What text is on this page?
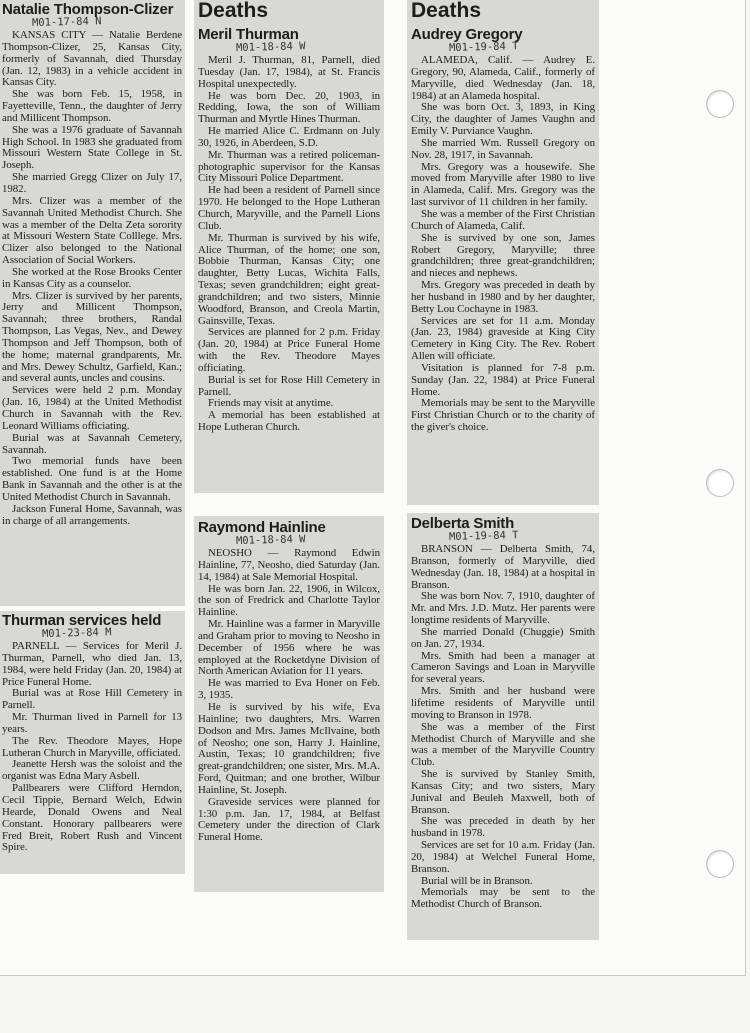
Natalie Thompson-Clizer
M01-17-84 N

KANSAS CITY — Natalie Berdene Thompson-Clizer, 25, Kansas City, formerly of Savannah, died Thursday (Jan. 12, 1983) in a vehicle accident in Kansas City.

She was born Feb. 15, 1958, in Fayetteville, Tenn., the daughter of Jerry and Millicent Thompson.

She was a 1976 graduate of Savannah High School. In 1983 she graduated from Missouri Western State College in St. Joseph.

She married Gregg Clizer on July 17, 1982.

Mrs. Clizer was a member of the Savannah United Methodist Church. She was a member of the Delta Zeta sorority at Missouri Western State Colllege. Mrs. Clizer also belonged to the National Association of Social Workers.

She worked at the Rose Brooks Center in Kansas City as a counselor.

Mrs. Clizer is survived by her parents, Jerry and Millicent Thompson, Savannah; three brothers, Randal Thompson, Las Vegas, Nev., and Dewey Thompson and Jeff Thompson, both of the home; maternal grandparents, Mr. and Mrs. Dewey Schultz, Garfield, Kan.; and several aunts, uncles and cousins.

Services were held 2 p.m. Monday (Jan. 16, 1984) at the United Methodist Church in Savannah with the Rev. Leonard Williams officiating.

Burial was at Savannah Cemetery, Savannah.

Two memorial funds have been established. One fund is at the Home Bank in Savannah and the other is at the United Methodist Church in Savannah.

Jackson Funeral Home, Savannah, was in charge of all arrangements.

Thurman services held
M01-23-84 M

PARNELL — Services for Meril J. Thurman, Parnell, who died Jan. 13, 1984, were held Friday (Jan. 20, 1984) at Price Funeral Home.

Burial was at Rose Hill Cemetery in Parnell.

Mr. Thurman lived in Parnell for 13 years.

The Rev. Theodore Mayes, Hope Lutheran Church in Maryville, officiated.

Jeanette Hersh was the soloist and the organist was Edna Mary Asbell.

Pallbearers were Clifford Herndon, Cecil Tippie, Bernard Welch, Edwin Hearde, Donald Owens and Neal Constant. Honorary pallbearers were Fred Breit, Robert Rush and Vincent Spire.

Deaths
Meril Thurman
M01-18-84 W

Meril J. Thurman, 81, Parnell, died Tuesday (Jan. 17, 1984), at St. Francis Hospital unexpectedly.

He was born Dec. 20, 1903, in Redding, Iowa, the son of William Thurman and Myrtle Hines Thurman.

He married Alice C. Erdmann on July 30, 1926, in Aberdeen, S.D.

Mr. Thurman was a retired policeman-photographic supervisor for the Kansas City Missouri Police Department.

He had been a resident of Parnell since 1970. He belonged to the Hope Lutheran Church, Maryville, and the Parnell Lions Club.

Mr. Thurman is survived by his wife, Alice Thurman, of the home; one son, Bobbie Thurman, Kansas City; one daughter, Betty Lucas, Wichita Falls, Texas; seven grandchildren; eight great-grandchildren; and two sisters, Minnie Woodford, Branson, and Creola Martin, Gainsville, Texas.

Services are planned for 2 p.m. Friday (Jan. 20, 1984) at Price Funeral Home with the Rev. Theodore Mayes officiating.

Burial is set for Rose Hill Cemetery in Parnell.

Friends may visit at anytime.

A memorial has been established at Hope Lutheran Church.

Raymond Hainline
M01-18-84 W

NEOSHO — Raymond Edwin Hainline, 77, Neosho, died Saturday (Jan. 14, 1984) at Sale Memorial Hospital.

He was born Jan. 22, 1906, in Wilcox, the son of Fredrick and Charlotte Taylor Hainline.

Mr. Hainline was a farmer in Maryville and Graham prior to moving to Neosho in December of 1956 where he was employed at the Rocketdyne Division of North American Aviation for 11 years.

He was married to Eva Honer on Feb. 3, 1935.

He is survived by his wife, Eva Hainline; two daughters, Mrs. Warren Dodson and Mrs. James McIlvaine, both of Neosho; one son, Harry J. Hainline, Austin, Texas; 10 grandchildren; five great-grandchildren; one sister, Mrs. M.A. Ford, Quitman; and one brother, Wilbur Hainline, St. Joseph.

Graveside services were planned for 1:30 p.m. Jan. 17, 1984, at Belfast Cemetery under the direction of Clark Funeral Home.

Deaths
Audrey Gregory
M01-19-84 T

ALAMEDA, Calif. — Audrey E. Gregory, 90, Alameda, Calif., formerly of Maryville, died Wednesday (Jan. 18, 1984) at an Alameda hospital.

She was born Oct. 3, 1893, in King City, the daughter of James Vaughn and Emily V. Purviance Vaughn.

She married Wm. Russell Gregory on Nov. 28, 1917, in Savannah.

Mrs. Gregory was a housewife. She moved from Maryville after 1980 to live in Alameda, Calif. Mrs. Gregory was the last survivor of 11 children in her family.

She was a member of the First Christian Church of Alameda, Calif.

She is survived by one son, James Robert Gregory, Maryville; three grandchildren; three great-grandchildren; and nieces and nephews.

Mrs. Gregory was preceded in death by her husband in 1980 and by her daughter, Betty Lou Cochayne in 1983.

Services are set for 11 a.m. Monday (Jan. 23, 1984) graveside at King City Cemetery in King City. The Rev. Robert Allen will officiate.

Visitation is planned for 7-8 p.m. Sunday (Jan. 22, 1984) at Price Funeral Home.

Memorials may be sent to the Maryville First Christian Church or to the charity of the giver's choice.

Delberta Smith
M01-19-84 T

BRANSON — Delberta Smith, 74, Branson, formerly of Maryville, died Wednesday (Jan. 18, 1984) at a hospital in Branson.

She was born Nov. 7, 1910, daughter of Mr. and Mrs. J.D. Mutz. Her parents were longtime residents of Maryville.

She married Donald (Chuggie) Smith on Jan. 27, 1934.

Mrs. Smith had been a manager at Cameron Savings and Loan in Maryville for several years.

Mrs. Smith and her husband were lifetime residents of Maryville until moving to Branson in 1978.

She was a member of the First Methodist Church of Maryville and she was a member of the Maryville Country Club.

She is survived by Stanley Smith, Kansas City; and two sisters, Mary Junival and Beuleh Maxwell, both of Branson.

She was preceded in death by her husband in 1978.

Services are set for 10 a.m. Friday (Jan. 20, 1984) at Welchel Funeral Home, Branson.

Burial will be in Branson.

Memorials may be sent to the Methodist Church of Branson.
